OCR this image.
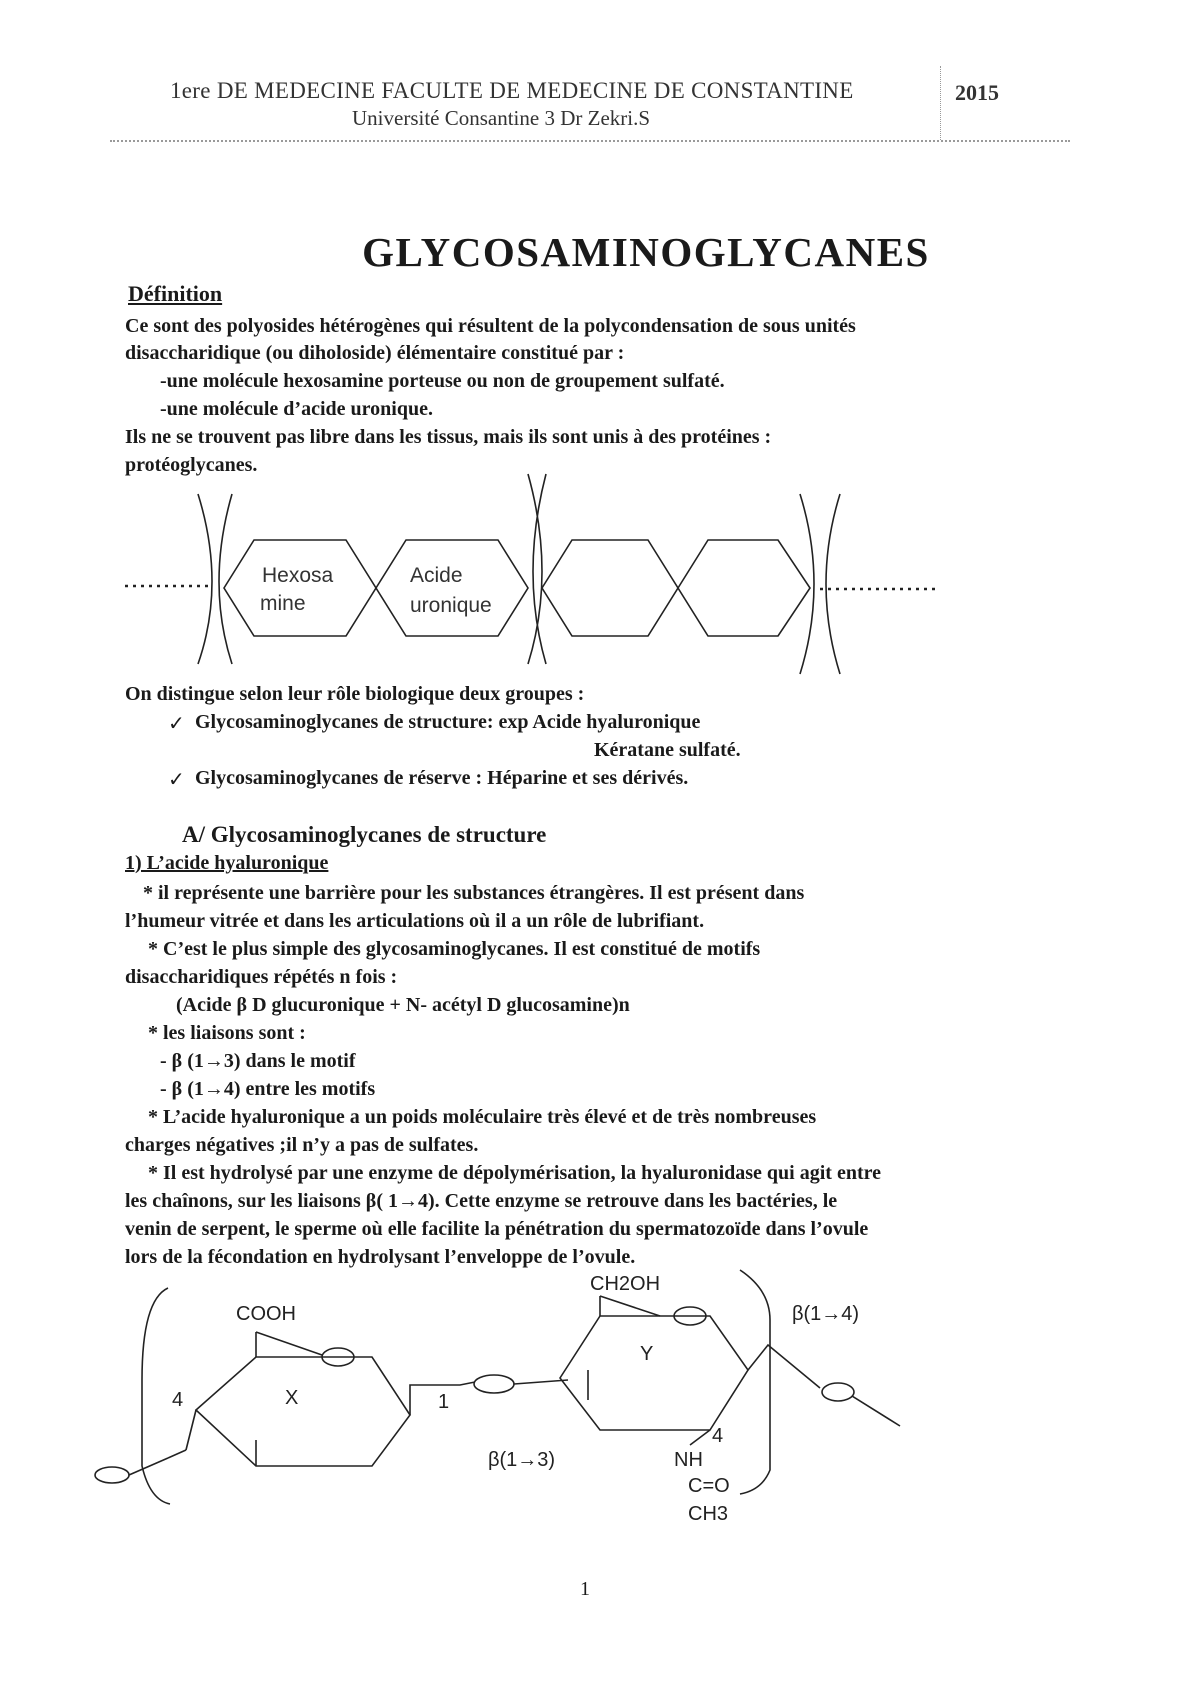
1ere DE MEDECINE FACULTE DE MEDECINE DE CONSTANTINE
Université Consantine 3 Dr Zekri.S
2015
GLYCOSAMINOGLYCANES
Définition
Ce sont des polyosides hétérogènes qui résultent de la polycondensation de sous unités
disaccharidique (ou diholoside) élémentaire constitué par :
-une molécule hexosamine porteuse ou non de groupement sulfaté.
-une molécule d’acide uronique.
Ils ne se trouvent pas libre dans les tissus, mais ils sont unis à des protéines :
protéoglycanes.
Hexosa
mine
Acide
uronique
On distingue selon leur rôle biologique deux groupes :
✓ Glycosaminoglycanes de structure: exp Acide hyaluronique
Kératane sulfaté.
✓ Glycosaminoglycanes de réserve : Héparine et ses dérivés.
A/ Glycosaminoglycanes de structure
1) L’acide hyaluronique
* il représente une barrière pour les substances étrangères. Il est présent dans
l’humeur vitrée et dans les articulations où il a un rôle de lubrifiant.
* C’est le plus simple des glycosaminoglycanes. Il est constitué de motifs
disaccharidiques répétés n fois :
(Acide β D glucuronique + N- acétyl D glucosamine)n
* les liaisons sont :
- β (1→3) dans le motif
- β (1→4) entre les motifs
* L’acide hyaluronique a un poids moléculaire très élevé et de très nombreuses
charges négatives ;il n’y a pas de sulfates.
* Il est hydrolysé par une enzyme de dépolymérisation, la hyaluronidase qui agit entre
les chaînons, sur les liaisons β( 1→4). Cette enzyme se retrouve dans les bactéries, le
venin de serpent, le sperme où elle facilite la pénétration du spermatozoïde dans l’ovule
lors de la fécondation en hydrolysant l’enveloppe de l’ovule.
COOH
CH2OH
X
Y
4	1
4
β(1→3)
β(1→4)
NH
C=O
CH3
1
